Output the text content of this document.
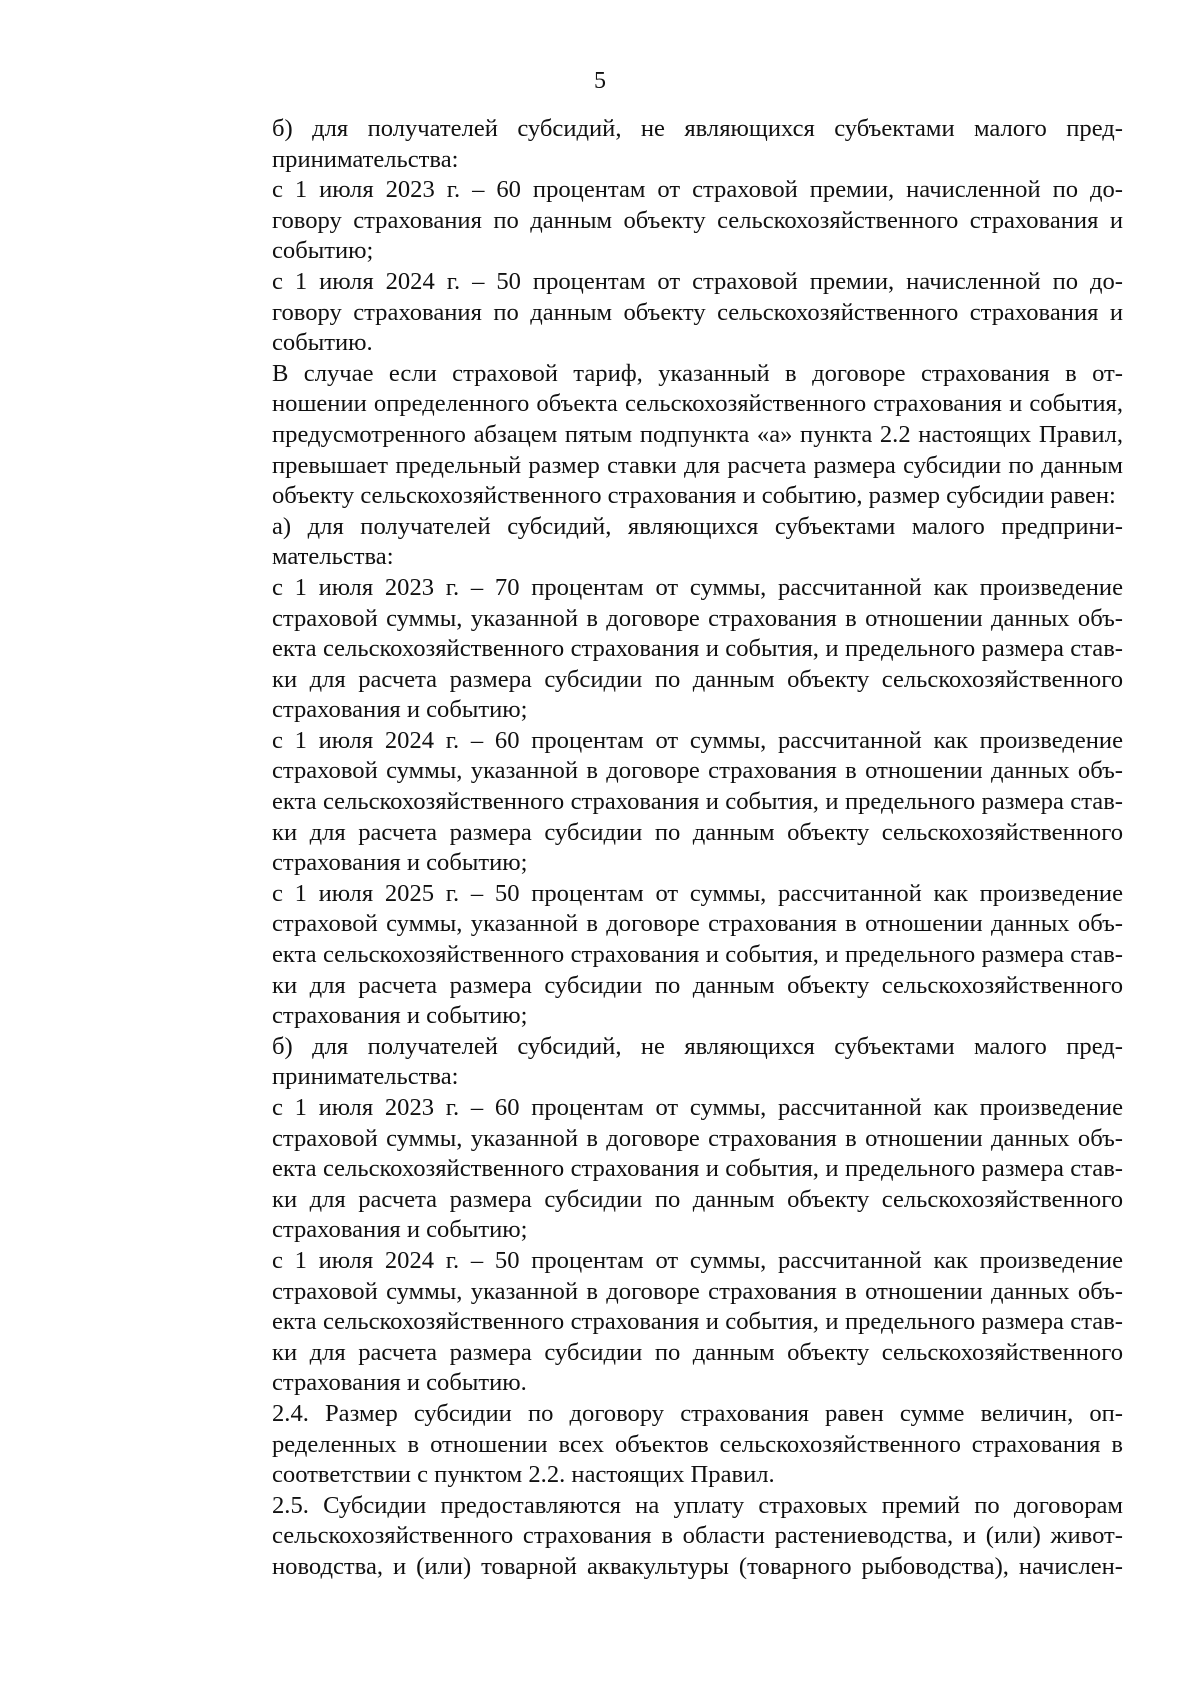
5
б) для получателей субсидий, не являющихся субъектами малого пред-
принимательства:
с 1 июля 2023 г. – 60 процентам от страховой премии, начисленной по до-
говору страхования по данным объекту сельскохозяйственного страхования и
событию;
с 1 июля 2024 г. – 50 процентам от страховой премии, начисленной по до-
говору страхования по данным объекту сельскохозяйственного страхования и
событию.
В случае если страховой тариф, указанный в договоре страхования в от-
ношении определенного объекта сельскохозяйственного страхования и события,
предусмотренного абзацем пятым подпункта «а» пункта 2.2 настоящих Правил,
превышает предельный размер ставки для расчета размера субсидии по данным
объекту сельскохозяйственного страхования и событию, размер субсидии равен:
а) для получателей субсидий, являющихся субъектами малого предприни-
мательства:
с 1 июля 2023 г. – 70 процентам от суммы, рассчитанной как произведение
страховой суммы, указанной в договоре страхования в отношении данных объ-
екта сельскохозяйственного страхования и события, и предельного размера став-
ки для расчета размера субсидии по данным объекту сельскохозяйственного
страхования и событию;
с 1 июля 2024 г. – 60 процентам от суммы, рассчитанной как произведение
страховой суммы, указанной в договоре страхования в отношении данных объ-
екта сельскохозяйственного страхования и события, и предельного размера став-
ки для расчета размера субсидии по данным объекту сельскохозяйственного
страхования и событию;
с 1 июля 2025 г. – 50 процентам от суммы, рассчитанной как произведение
страховой суммы, указанной в договоре страхования в отношении данных объ-
екта сельскохозяйственного страхования и события, и предельного размера став-
ки для расчета размера субсидии по данным объекту сельскохозяйственного
страхования и событию;
б) для получателей субсидий, не являющихся субъектами малого пред-
принимательства:
с 1 июля 2023 г. – 60 процентам от суммы, рассчитанной как произведение
страховой суммы, указанной в договоре страхования в отношении данных объ-
екта сельскохозяйственного страхования и события, и предельного размера став-
ки для расчета размера субсидии по данным объекту сельскохозяйственного
страхования и событию;
с 1 июля 2024 г. – 50 процентам от суммы, рассчитанной как произведение
страховой суммы, указанной в договоре страхования в отношении данных объ-
екта сельскохозяйственного страхования и события, и предельного размера став-
ки для расчета размера субсидии по данным объекту сельскохозяйственного
страхования и событию.
2.4. Размер субсидии по договору страхования равен сумме величин, оп-
ределенных в отношении всех объектов сельскохозяйственного страхования в
соответствии с пунктом 2.2. настоящих Правил.
2.5. Субсидии предоставляются на уплату страховых премий по договорам
сельскохозяйственного страхования в области растениеводства, и (или) живот-
новодства, и (или) товарной аквакультуры (товарного рыбоводства), начислен-
